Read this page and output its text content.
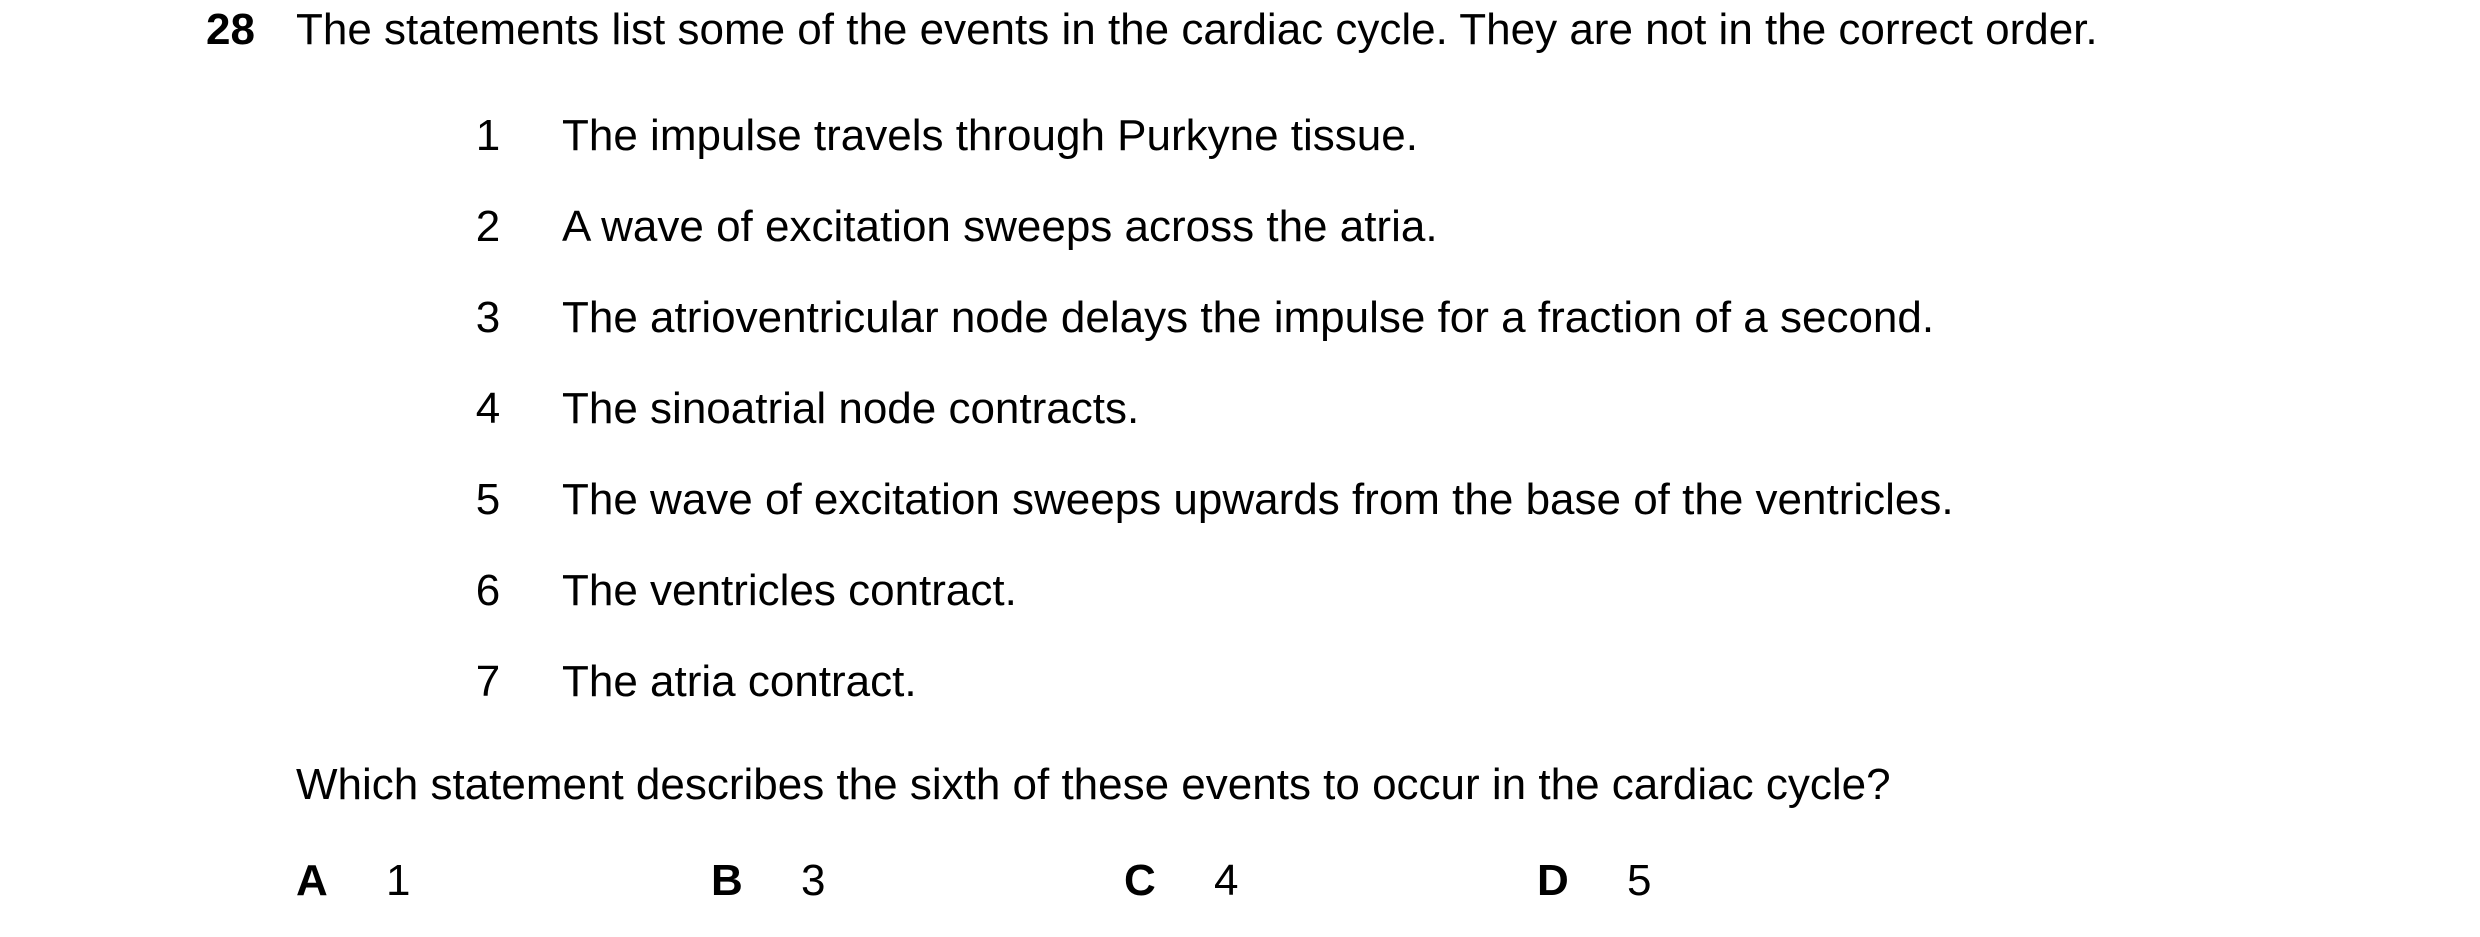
28 The statements list some of the events in the cardiac cycle. They are not in the correct order.
1 The impulse travels through Purkyne tissue.
2 A wave of excitation sweeps across the atria.
3 The atrioventricular node delays the impulse for a fraction of a second.
4 The sinoatrial node contracts.
5 The wave of excitation sweeps upwards from the base of the ventricles.
6 The ventricles contract.
7 The atria contract.
Which statement describes the sixth of these events to occur in the cardiac cycle?
A 1	B 3	C 4	D 5
